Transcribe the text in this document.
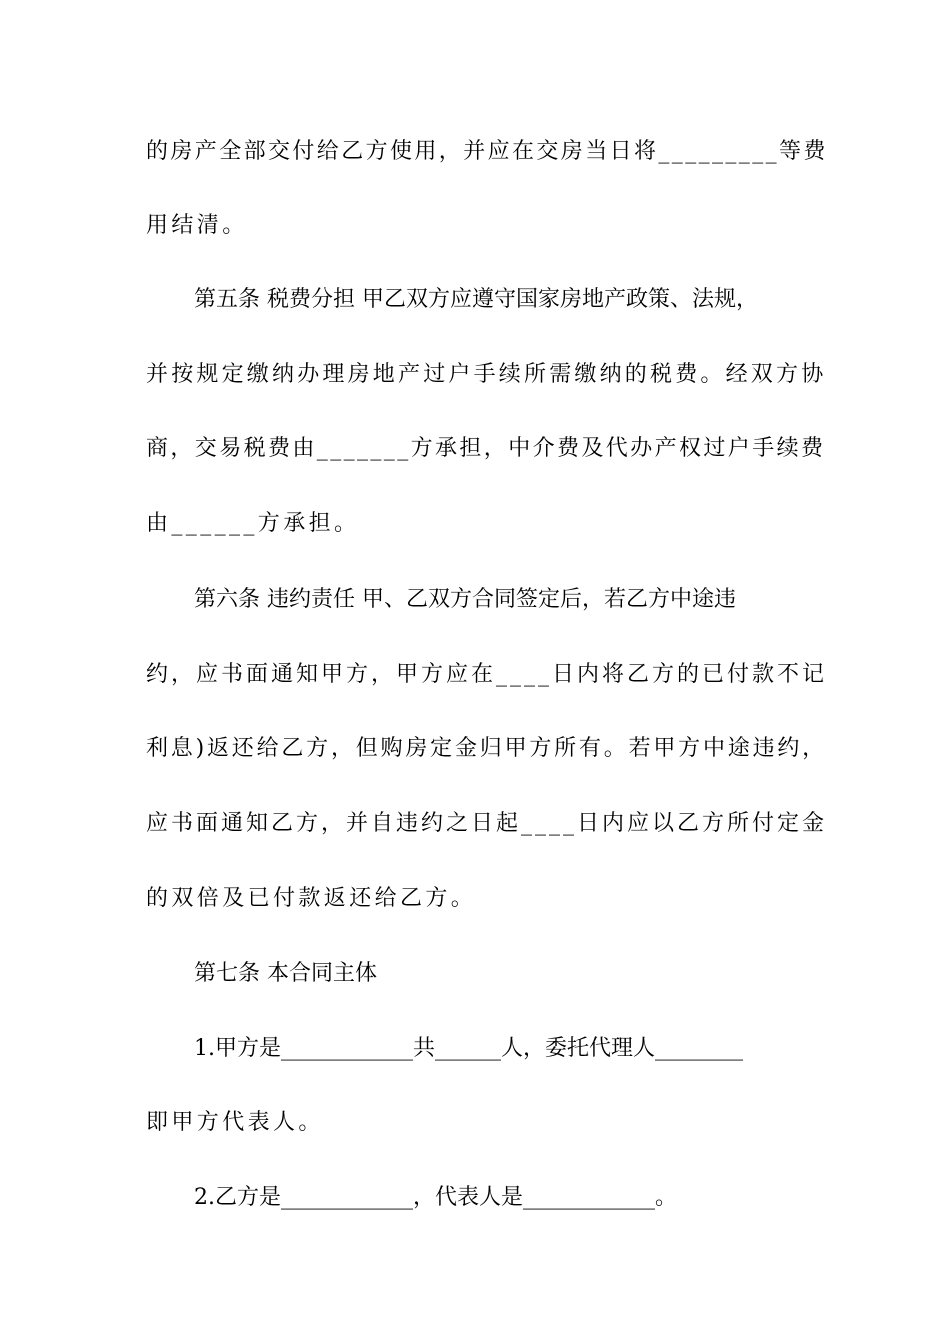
的房产全部交付给乙方使用，并应在交房当日将_________等费
用结清。
第五条 税费分担 甲乙双方应遵守国家房地产政策、法规，
并按规定缴纳办理房地产过户手续所需缴纳的税费。经双方协
商，交易税费由_______方承担，中介费及代办产权过户手续费
由______方承担。
第六条 违约责任 甲、乙双方合同签定后，若乙方中途违
约，应书面通知甲方，甲方应在____日内将乙方的已付款不记
利息)返还给乙方，但购房定金归甲方所有。若甲方中途违约，
应书面通知乙方，并自违约之日起____日内应以乙方所付定金
的双倍及已付款返还给乙方。
第七条 本合同主体
1.甲方是____________共______人，委托代理人________
即甲方代表人。
2.乙方是____________，代表人是____________。
